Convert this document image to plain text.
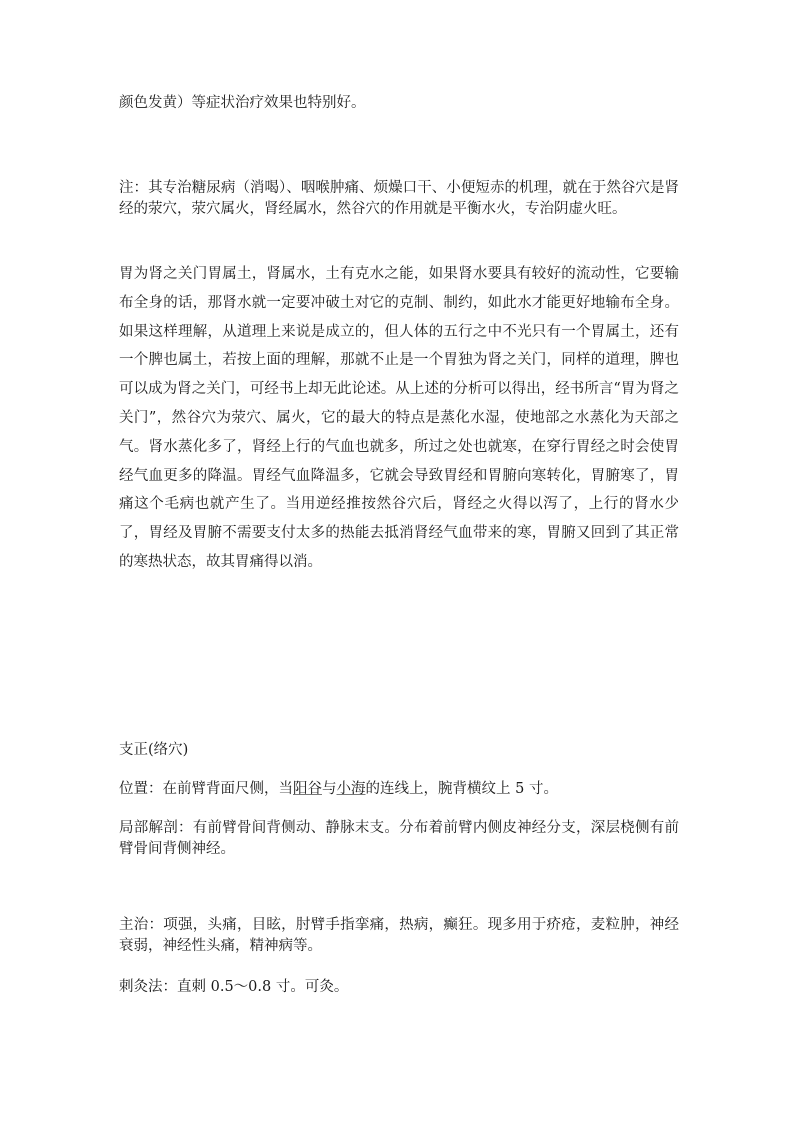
颜色发黄）等症状治疗效果也特别好。

注：其专治糖尿病（消喝）、咽喉肿痛、烦燥口干、小便短赤的机理，就在于然谷穴是肾经的荥穴，荥穴属火，肾经属水，然谷穴的作用就是平衡水火，专治阴虚火旺。

胃为肾之关门胃属土，肾属水，土有克水之能，如果肾水要具有较好的流动性，它要输布全身的话，那肾水就一定要冲破土对它的克制、制约，如此水才能更好地输布全身。如果这样理解，从道理上来说是成立的，但人体的五行之中不光只有一个胃属土，还有一个脾也属土，若按上面的理解，那就不止是一个胃独为肾之关门，同样的道理，脾也可以成为肾之关门，可经书上却无此论述。从上述的分析可以得出，经书所言“胃为肾之关门”，然谷穴为荥穴、属火，它的最大的特点是蒸化水湿，使地部之水蒸化为天部之气。肾水蒸化多了，肾经上行的气血也就多，所过之处也就寒，在穿行胃经之时会使胃经气血更多的降温。胃经气血降温多，它就会导致胃经和胃腑向寒转化，胃腑寒了，胃痛这个毛病也就产生了。当用逆经推按然谷穴后，肾经之火得以泻了，上行的肾水少了，胃经及胃腑不需要支付太多的热能去抵消肾经气血带来的寒，胃腑又回到了其正常的寒热状态，故其胃痛得以消。

支正(络穴)

位置：在前臂背面尺侧，当阳谷与小海的连线上，腕背横纹上 5 寸。

局部解剖：有前臂骨间背侧动、静脉末支。分布着前臂内侧皮神经分支，深层桡侧有前臂骨间背侧神经。

主治：项强，头痛，目眩，肘臂手指挛痛，热病，癫狂。现多用于疥疮，麦粒肿，神经衰弱，神经性头痛，精神病等。

刺灸法：直刺 0.5～0.8 寸。可灸。
